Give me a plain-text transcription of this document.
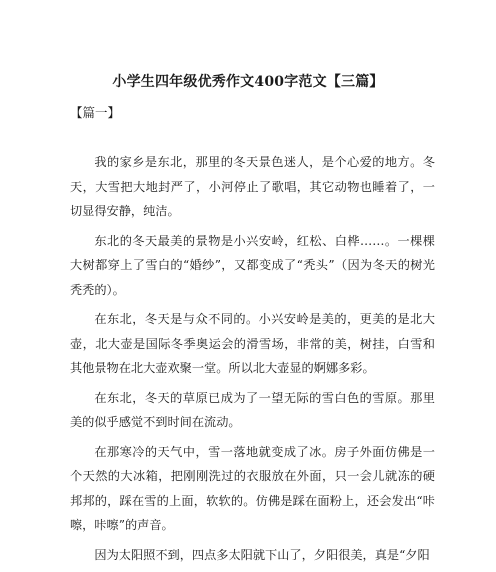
小学生四年级优秀作文400字范文【三篇】
【篇一】

我的家乡是东北，那里的冬天景色迷人，是个心爱的地方。冬天，大雪把大地封严了，小河停止了歌唱，其它动物也睡着了，一切显得安静，纯洁。

东北的冬天最美的景物是小兴安岭，红松、白桦……。一棵棵大树都穿上了雪白的“婚纱”，又都变成了“秃头”（因为冬天的树光秃秃的）。

在东北，冬天是与众不同的。小兴安岭是美的，更美的是北大壶，北大壶是国际冬季奥运会的滑雪场，非常的美，树挂，白雪和其他景物在北大壶欢聚一堂。所以北大壶显的婀娜多彩。

在东北，冬天的草原已成为了一望无际的雪白色的雪原。那里美的似乎感觉不到时间在流动。

在那寒冷的天气中，雪一落地就变成了冰。房子外面仿佛是一个天然的大冰箱，把刚刚洗过的衣服放在外面，只一会儿就冻的硬邦邦的，踩在雪的上面，软软的。仿佛是踩在面粉上，还会发出“咔嚓，咔嚓”的声音。

因为太阳照不到，四点多太阳就下山了，夕阳很美，真是“夕阳
